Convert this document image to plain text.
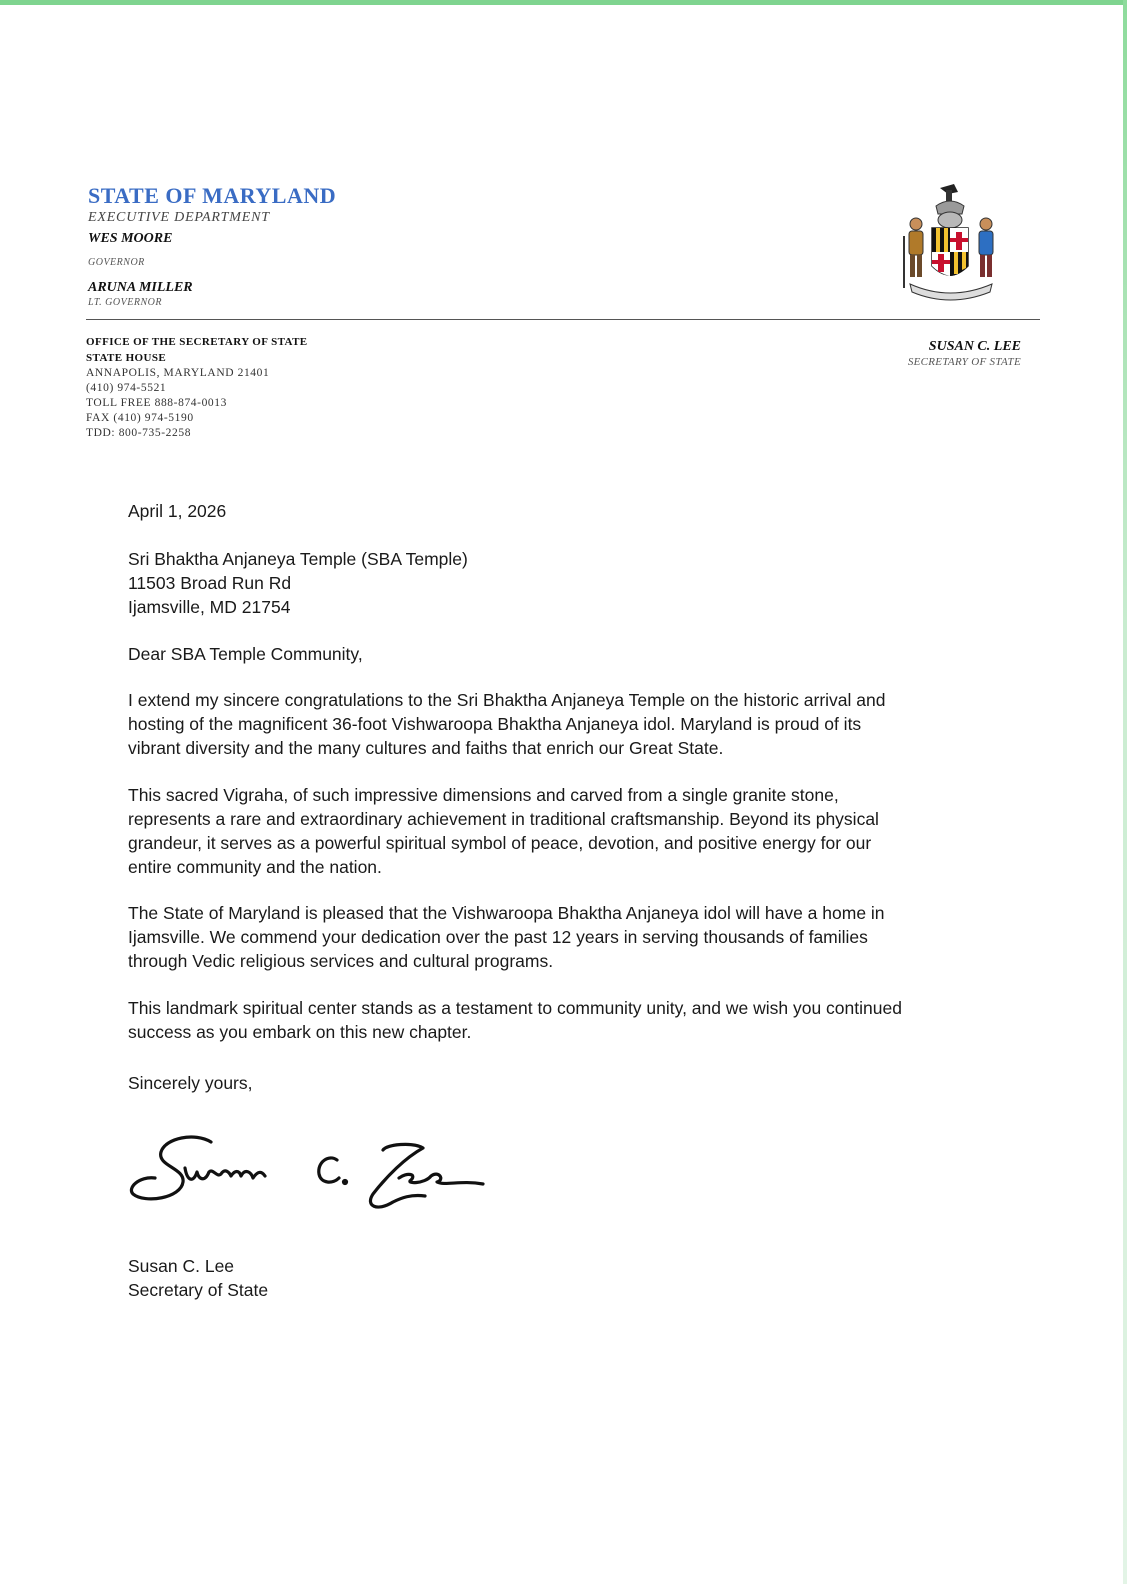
STATE OF MARYLAND
EXECUTIVE DEPARTMENT
WES MOORE
GOVERNOR
ARUNA MILLER
LT. GOVERNOR
OFFICE OF THE SECRETARY OF STATE
STATE HOUSE
ANNAPOLIS, MARYLAND 21401
(410) 974-5521
TOLL FREE 888-874-0013
FAX (410) 974-5190
TDD: 800-735-2258
SUSAN C. LEE
SECRETARY OF STATE
April 1, 2026
Sri Bhaktha Anjaneya Temple (SBA Temple)
11503 Broad Run Rd
Ijamsville, MD 21754
Dear SBA Temple Community,
I extend my sincere congratulations to the Sri Bhaktha Anjaneya Temple on the historic arrival and
hosting of the magnificent 36-foot Vishwaroopa Bhaktha Anjaneya idol. Maryland is proud of its
vibrant diversity and the many cultures and faiths that enrich our Great State.
This sacred Vigraha, of such impressive dimensions and carved from a single granite stone,
represents a rare and extraordinary achievement in traditional craftsmanship. Beyond its physical
grandeur, it serves as a powerful spiritual symbol of peace, devotion, and positive energy for our
entire community and the nation.
The State of Maryland is pleased that the Vishwaroopa Bhaktha Anjaneya idol will have a home in
Ijamsville. We commend your dedication over the past 12 years in serving thousands of families
through Vedic religious services and cultural programs.
This landmark spiritual center stands as a testament to community unity, and we wish you continued
success as you embark on this new chapter.
Sincerely yours,
Susan C. Lee
Secretary of State
